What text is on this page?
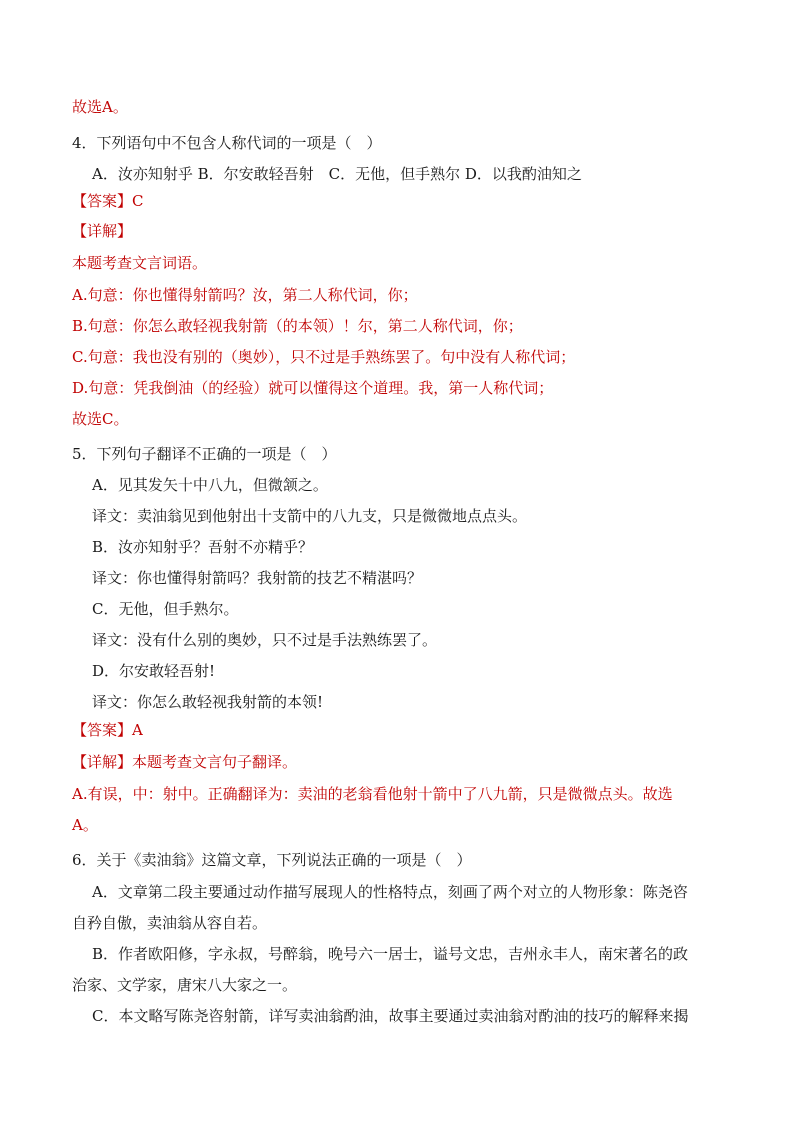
故选A。
4．下列语句中不包含人称代词的一项是（　）
A．汝亦知射乎 B．尔安敢轻吾射　C．无他，但手熟尔 D．以我酌油知之
【答案】C
【详解】
本题考查文言词语。
A.句意：你也懂得射箭吗？汝，第二人称代词，你；
B.句意：你怎么敢轻视我射箭（的本领）！尔，第二人称代词，你；
C.句意：我也没有别的（奥妙），只不过是手熟练罢了。句中没有人称代词；
D.句意：凭我倒油（的经验）就可以懂得这个道理。我，第一人称代词；
故选C。
5．下列句子翻译不正确的一项是（　）
A．见其发矢十中八九，但微颔之。
译文：卖油翁见到他射出十支箭中的八九支，只是微微地点点头。
B．汝亦知射乎？吾射不亦精乎？
译文：你也懂得射箭吗？我射箭的技艺不精湛吗？
C．无他，但手熟尔。
译文：没有什么别的奥妙，只不过是手法熟练罢了。
D．尔安敢轻吾射!
译文：你怎么敢轻视我射箭的本领!
【答案】A
【详解】本题考查文言句子翻译。
A.有误，中：射中。正确翻译为：卖油的老翁看他射十箭中了八九箭，只是微微点头。故选
A。
6．关于《卖油翁》这篇文章，下列说法正确的一项是（　）
A．文章第二段主要通过动作描写展现人的性格特点，刻画了两个对立的人物形象：陈尧咨
自矜自傲，卖油翁从容自若。
B．作者欧阳修，字永叔，号醉翁，晚号六一居士，谥号文忠，吉州永丰人，南宋著名的政
治家、文学家，唐宋八大家之一。
C．本文略写陈尧咨射箭，详写卖油翁酌油，故事主要通过卖油翁对酌油的技巧的解释来揭
